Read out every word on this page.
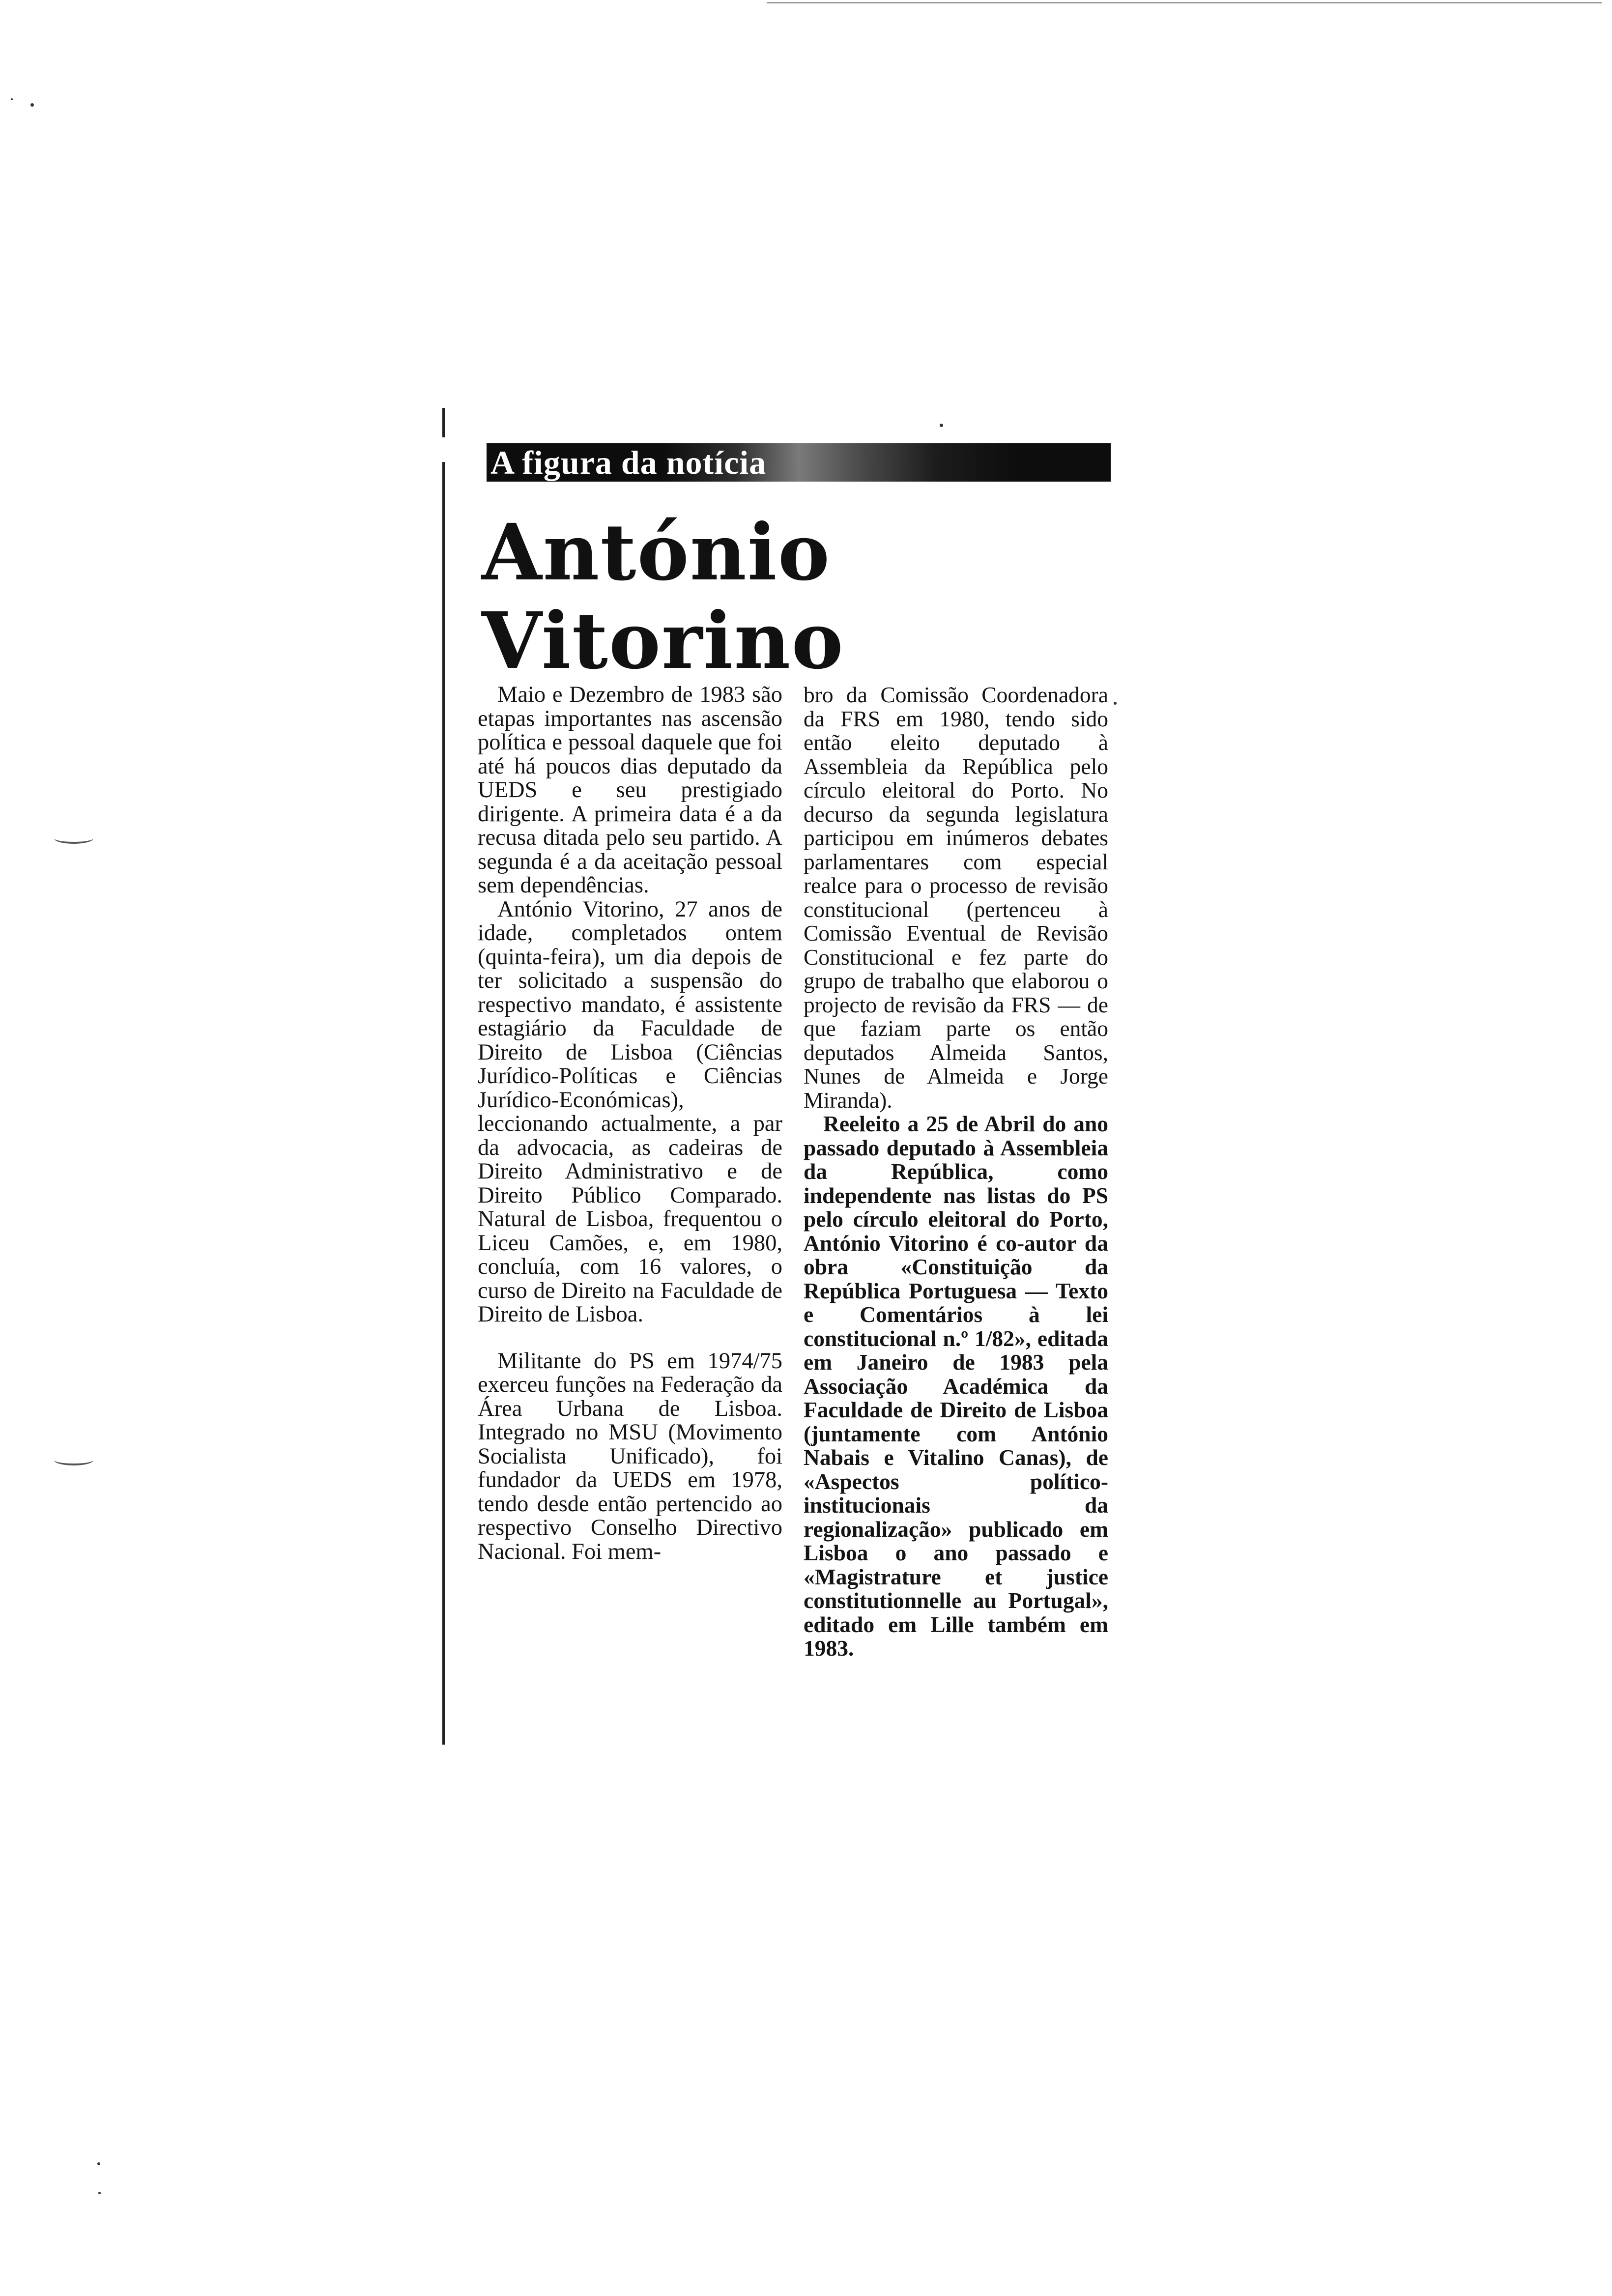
A figura da notícia
António
Vitorino

Maio e Dezembro de 1983 são etapas importantes nas ascensão política e pessoal daquele que foi até há poucos dias deputado da UEDS e seu prestigiado dirigente. A primeira data é a da recusa ditada pelo seu partido. A segunda é a da aceitação pessoal sem dependências.

António Vitorino, 27 anos de idade, completados ontem (quinta-feira), um dia depois de ter solicitado a suspensão do respectivo mandato, é assistente estagiário da Faculdade de Direito de Lisboa (Ciências Jurídico-Políticas e Ciências Jurídico-Económicas), leccionando actualmente, a par da advocacia, as cadeiras de Direito Administrativo e de Direito Público Comparado. Natural de Lisboa, frequentou o Liceu Camões, e, em 1980, concluía, com 16 valores, o curso de Direito na Faculdade de Direito de Lisboa.

Militante do PS em 1974/75 exerceu funções na Federação da Área Urbana de Lisboa. Integrado no MSU (Movimento Socialista Unificado), foi fundador da UEDS em 1978, tendo desde então pertencido ao respectivo Conselho Directivo Nacional. Foi mem-

bro da Comissão Coordenadora da FRS em 1980, tendo sido então eleito deputado à Assembleia da República pelo círculo eleitoral do Porto. No decurso da segunda legislatura participou em inúmeros debates parlamentares com especial realce para o processo de revisão constitucional (pertenceu à Comissão Eventual de Revisão Constitucional e fez parte do grupo de trabalho que elaborou o projecto de revisão da FRS — de que faziam parte os então deputados Almeida Santos, Nunes de Almeida e Jorge Miranda).

Reeleito a 25 de Abril do ano passado deputado à Assembleia da República, como independente nas listas do PS pelo círculo eleitoral do Porto, António Vitorino é co-autor da obra «Constituição da República Portuguesa — Texto e Comentários à lei constitucional n.º 1/82», editada em Janeiro de 1983 pela Associação Académica da Faculdade de Direito de Lisboa (juntamente com António Nabais e Vitalino Canas), de «Aspectos político-institucionais da regionalização» publicado em Lisboa o ano passado e «Magistrature et justice constitutionnelle au Portugal», editado em Lille também em 1983.
